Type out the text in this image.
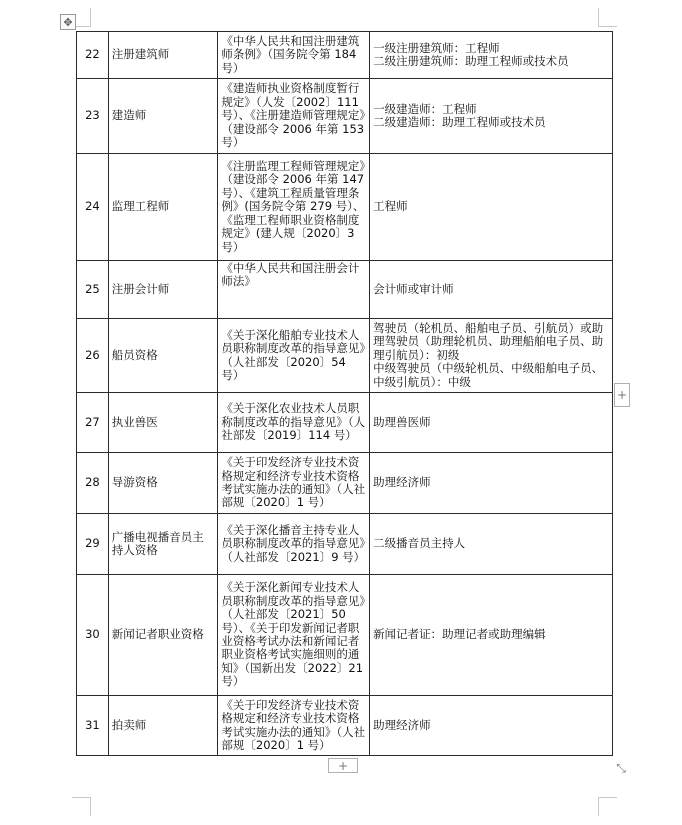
✥
22	注册建筑师	《中华人民共和国注册建筑师条例》（国务院令第 184 号）	一级注册建筑师：工程师
二级注册建筑师：助理工程师或技术员
23	建造师	《建造师执业资格制度暂行规定》（人发〔2002〕111 号）、《注册建造师管理规定》（建设部令 2006 年第 153 号）	一级建造师：工程师
二级建造师：助理工程师或技术员
24	监理工程师	《注册监理工程师管理规定》（建设部令 2006 年第 147 号）、《建筑工程质量管理条例》(国务院令第 279 号）、《监理工程师职业资格制度规定》(建人规〔2020〕3 号）	工程师
25	注册会计师	《中华人民共和国注册会计师法》	会计师或审计师
26	船员资格	《关于深化船舶专业技术人员职称制度改革的指导意见》（人社部发〔2020〕54 号）	驾驶员（轮机员、船舶电子员、引航员）或助理驾驶员（助理轮机员、助理船舶电子员、助理引航员）：初级
中级驾驶员（中级轮机员、中级船舶电子员、中级引航员）：中级
27	执业兽医	《关于深化农业技术人员职称制度改革的指导意见》（人社部发〔2019〕114 号）	助理兽医师
28	导游资格	《关于印发经济专业技术资格规定和经济专业技术资格考试实施办法的通知》（人社部规〔2020〕1 号）	助理经济师
29	广播电视播音员主持人资格	《关于深化播音主持专业人员职称制度改革的指导意见》（人社部发〔2021〕9 号）	二级播音员主持人
30	新闻记者职业资格	《关于深化新闻专业技术人员职称制度改革的指导意见》（人社部发〔2021〕50 号）、《关于印发新闻记者职业资格考试办法和新闻记者职业资格考试实施细则的通知》（国新出发〔2022〕21 号）	新闻记者证：助理记者或助理编辑
31	拍卖师	《关于印发经济专业技术资格规定和经济专业技术资格考试实施办法的通知》（人社部规〔2020〕1 号）	助理经济师
+
+	⤡
